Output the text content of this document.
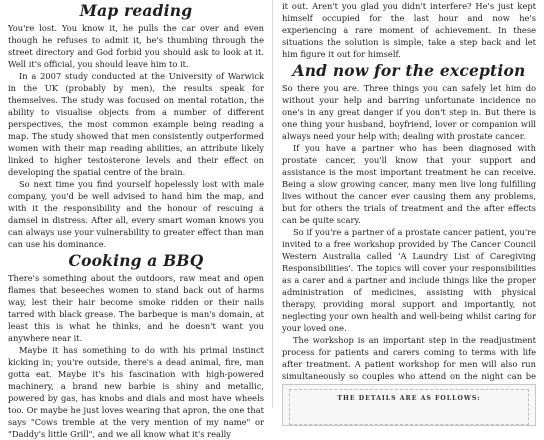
Map reading

You're lost. You know it, he pulls the car over and even though he refuses to admit it, he's thumbing through the street directory and God forbid you should ask to look at it. Well it's official, you should leave him to it.

In a 2007 study conducted at the University of Warwick in the UK (probably by men), the results speak for themselves. The study was focused on mental rotation, the ability to visualise objects from a number of different perspectives, the most common example being reading a map. The study showed that men consistently outperformed women with their map reading abilities, an attribute likely linked to higher testosterone levels and their effect on developing the spatial centre of the brain.

So next time you find yourself hopelessly lost with male company, you'd be well advised to hand him the map, and with it the responsibility and the honour of rescuing a damsel in distress. After all, every smart woman knows you can always use your vulnerability to greater effect than man can use his dominance.

Cooking a BBQ

There's something about the outdoors, raw meat and open flames that beseeches women to stand back out of harms way, lest their hair become smoke ridden or their nails tarred with black grease. The barbeque is man's domain, at least this is what he thinks, and he doesn't want you anywhere near it.

Maybe it has something to do with his primal instinct kicking in; you're outside, there's a dead animal, fire, man gotta eat. Maybe it's his fascination with high-powered machinery, a brand new barbie is shiny and metallic, powered by gas, has knobs and dials and most have wheels too. Or maybe he just loves wearing that apron, the one that says "Cows tremble at the very mention of my name" or "Daddy's little Grill", and we all know what it's really

it out. Aren't you glad you didn't interfere? He's just kept himself occupied for the last hour and now he's experiencing a rare moment of achievement. In these situations the solution is simple, take a step back and let him figure it out for himself.

And now for the exception

So there you are. Three things you can safely let him do without your help and barring unfortunate incidence no one's in any great danger if you don't step in. But there is one thing your husband, boyfriend, lover or companion will always need your help with; dealing with prostate cancer.

If you have a partner who has been diagnosed with prostate cancer, you'll know that your support and assistance is the most important treatment he can receive. Being a slow growing cancer, many men live long fulfilling lives without the cancer ever causing them any problems, but for others the trials of treatment and the after effects can be quite scary.

So if you're a partner of a prostate cancer patient, you're invited to a free workshop provided by The Cancer Council Western Australia called 'A Laundry List of Caregiving Responsibilities'. The topics will cover your responsibilities as a carer and a partner and include things like the proper administration of medicines, assisting with physical therapy, providing moral support and importantly, not neglecting your own health and well-being whilst caring for your loved one.

The workshop is an important step in the readjustment process for patients and carers coming to terms with life after treatment. A patient workshop for men will also run simultaneously so couples who attend on the night can be

THE DETAILS ARE AS FOLLOWS:
